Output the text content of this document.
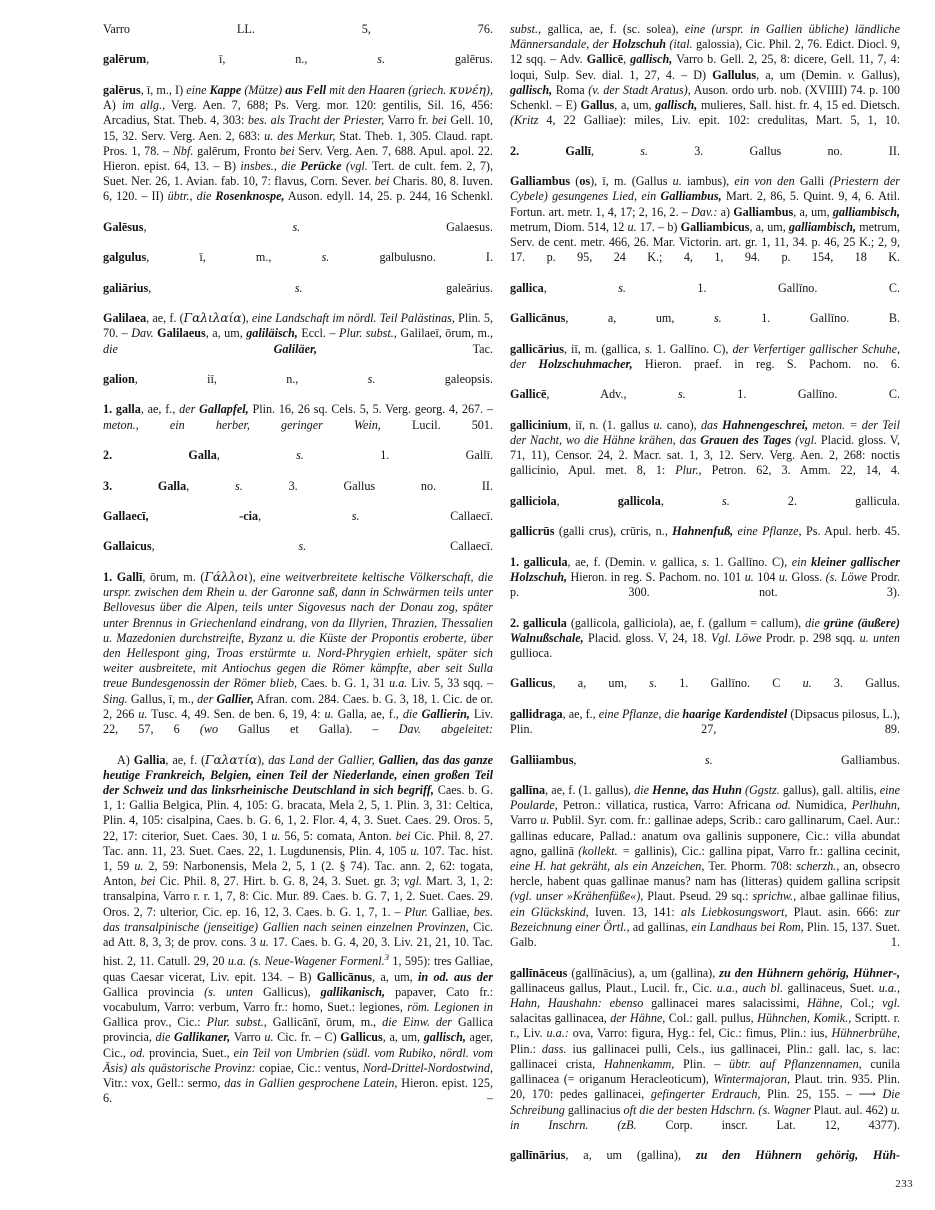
Varro LL. 5, 76.

galērum, ī, n., s. galērus.

galērus, ī, m., I) eine Kappe (Mütze) aus Fell mit den Haaren (griech. κυνέη), A) im allg., Verg. Aen. 7, 688; Ps. Verg. mor. 120: gentilis, Sil. 16, 456: Arcadius, Stat. Theb. 4, 303: bes. als Tracht der Priester, Varro fr. bei Gell. 10, 15, 32. Serv. Verg. Aen. 2, 683: u. des Merkur, Stat. Theb. 1, 305. Claud. rapt. Pros. 1, 78. – Nbf. galērum, Fronto bei Serv. Verg. Aen. 7, 688. Apul. apol. 22. Hieron. epist. 64, 13. – B) insbes., die Perücke (vgl. Tert. de cult. fem. 2, 7), Suet. Ner. 26, 1. Avian. fab. 10, 7: flavus, Corn. Sever. bei Charis. 80, 8. Iuven. 6, 120. – II) übtr., die Rosenknospe, Auson. edyll. 14, 25. p. 244, 16 Schenkl.

Galēsus, s. Galaesus.

galgulus, ī, m., s. galbulusno. I.

galiārius, s. galeārius.

Galilaea, ae, f. (Γαλιλαία), eine Landschaft im nördl. Teil Palästinas, Plin. 5, 70. – Dav. Galilaeus, a, um, galiläisch, Eccl. – Plur. subst., Galilaeī, ōrum, m., die Galiläer, Tac.

galion, iī, n., s. galeopsis.

1. galla, ae, f., der Gallapfel, Plin. 16, 26 sq. Cels. 5, 5. Verg. georg. 4, 267. – meton., ein herber, geringer Wein, Lucil. 501.

2. Galla, s. 1. Gallī.

3. Galla, s. 3. Gallus no. II.

Gallaecī, -cia, s. Callaecī.

Gallaicus, s. Callaecī.

1. Gallī, ōrum, m. (Γάλλοι), eine weitverbreitete keltische Völkerschaft, die urspr. zwischen dem Rhein u. der Garonne saß, dann in Schwärmen teils unter Bellovesus über die Alpen, teils unter Sigovesus nach der Donau zog, später unter Brennus in Griechenland eindrang, von da Illyrien, Thrazien, Thessalien u. Mazedonien durchstreifte, Byzanz u. die Küste der Propontis eroberte, über den Hellespont ging, Troas erstürmte u. Nord-Phrygien erhielt, später sich weiter ausbreitete, mit Antiochus gegen die Römer kämpfte, aber seit Sulla treue Bundesgenossin der Römer blieb, Caes. b. G. 1, 31 u.a. Liv. 5, 33 sqq. – Sing. Gallus, ī, m., der Gallier, Afran. com. 284. Caes. b. G. 3, 18, 1. Cic. de or. 2, 266 u. Tusc. 4, 49. Sen. de ben. 6, 19, 4: u. Galla, ae, f., die Gallierin, Liv. 22, 57, 6 (wo Gallus et Galla). – Dav. abgeleitet:

A) Gallia, ae, f. (Γαλατία), das Land der Gallier, Gallien, das das ganze heutige Frankreich, Belgien, einen Teil der Niederlande, einen großen Teil der Schweiz und das linksrheinische Deutschland in sich begriff, Caes. b. G. 1, 1: Gallia Belgica, Plin. 4, 105: G. bracata, Mela 2, 5, 1. Plin. 3, 31: Celtica, Plin. 4, 105: cisalpina, Caes. b. G. 6, 1, 2. Flor. 4, 4, 3. Suet. Caes. 29. Oros. 5, 22, 17: citerior, Suet. Caes. 30, 1 u. 56, 5: comata, Anton. bei Cic. Phil. 8, 27. Tac. ann. 11, 23. Suet. Caes. 22, 1. Lugdunensis, Plin. 4, 105 u. 107. Tac. hist. 1, 59 u. 2, 59: Narbonensis, Mela 2, 5, 1 (2. § 74). Tac. ann. 2, 62: togata, Anton, bei Cic. Phil. 8, 27. Hirt. b. G. 8, 24, 3. Suet. gr. 3; vgl. Mart. 3, 1, 2: transalpina, Varro r. r. 1, 7, 8: Cic. Mur. 89. Caes. b. G. 7, 1, 2. Suet. Caes. 29. Oros. 2, 7: ulterior, Cic. ep. 16, 12, 3. Caes. b. G. 1, 7, 1. – Plur. Galliae, bes. das transalpinische (jenseitige) Gallien nach seinen einzelnen Provinzen, Cic. ad Att. 8, 3, 3; de prov. cons. 3 u. 17. Caes. b. G. 4, 20, 3. Liv. 21, 21, 10. Tac. hist. 2, 11. Catull. 29, 20 u.a. (s. Neue-Wagener Formenl.$^3$ 1, 595): tres Galliae, quas Caesar vicerat, Liv. epit. 134. – B) Gallicānus, a, um, in od. aus der Gallica provincia (s. unten Gallicus), gallikanisch, papaver, Cato fr.: vocabulum, Varro: verbum, Varro fr.: homo, Suet.: legiones, röm. Legionen in Gallica prov., Cic.: Plur. subst., Gallicānī, ōrum, m., die Einw. der Gallica provincia, die Gallikaner, Varro u. Cic. fr. – C) Gallicus, a, um, gallisch, ager, Cic., od. provincia, Suet., ein Teil von Umbrien (südl. vom Rubiko, nördl. vom Äsis) als quästorische Provinz: copiae, Cic.: ventus, Nord-Drittel-Nordostwind, Vitr.: vox, Gell.: sermo, das in Gallien gesprochene Latein, Hieron. epist. 125, 6. –

subst., gallica, ae, f. (sc. solea), eine (urspr. in Gallien übliche) ländliche Männersandale, der Holzschuh (ital. galossia), Cic. Phil. 2, 76. Edict. Diocl. 9, 12 sqq. – Adv. Gallicē, gallisch, Varro b. Gell. 2, 25, 8: dicere, Gell. 11, 7, 4: loqui, Sulp. Sev. dial. 1, 27, 4. – D) Gallulus, a, um (Demin. v. Gallus), gallisch, Roma (v. der Stadt Aratus), Auson. ordo urb. nob. (XVIIII) 74. p. 100 Schenkl. – E) Gallus, a, um, gallisch, mulieres, Sall. hist. fr. 4, 15 ed. Dietsch. (Kritz 4, 22 Galliae): miles, Liv. epit. 102: credulitas, Mart. 5, 1, 10.

2. Gallī, s. 3. Gallus no. II.

Galliambus (os), ī, m. (Gallus u. iambus), ein von den Galli (Priestern der Cybele) gesungenes Lied, ein Galliambus, Mart. 2, 86, 5. Quint. 9, 4, 6. Atil. Fortun. art. metr. 1, 4, 17; 2, 16, 2. – Dav.: a) Galliambus, a, um, galliambisch, metrum, Diom. 514, 12 u. 17. – b) Galliambicus, a, um, galliambisch, metrum, Serv. de cent. metr. 466, 26. Mar. Victorin. art. gr. 1, 11, 34. p. 46, 25 K.; 2, 9, 17. p. 95, 24 K.; 4, 1, 94. p. 154, 18 K.

gallica, s. 1. Gallīno. C.

Gallicānus, a, um, s. 1. Gallīno. B.

gallicārius, iī, m. (gallica, s. 1. Gallīno. C), der Verfertiger gallischer Schuhe, der Holzschuhmacher, Hieron. praef. in reg. S. Pachom. no. 6.

Gallicē, Adv., s. 1. Gallīno. C.

gallicinium, iī, n. (1. gallus u. cano), das Hahnengeschrei, meton. = der Teil der Nacht, wo die Hähne krähen, das Grauen des Tages (vgl. Placid. gloss. V, 71, 11), Censor. 24, 2. Macr. sat. 1, 3, 12. Serv. Verg. Aen. 2, 268: noctis gallicinio, Apul. met. 8, 1: Plur., Petron. 62, 3. Amm. 22, 14, 4.

galliciola, gallicola, s. 2. gallicula.

gallicrūs (galli crus), crūris, n., Hahnenfuß, eine Pflanze, Ps. Apul. herb. 45.

1. gallicula, ae, f. (Demin. v. gallica, s. 1. Gallīno. C), ein kleiner gallischer Holzschuh, Hieron. in reg. S. Pachom. no. 101 u. 104 u. Gloss. (s. Löwe Prodr. p. 300. not. 3).

2. gallicula (gallicola, galliciola), ae, f. (gallum = callum), die grüne (äußere) Walnußschale, Placid. gloss. V, 24, 18. Vgl. Löwe Prodr. p. 298 sqq. u. unten gullioca.

Gallicus, a, um, s. 1. Gallīno. C u. 3. Gallus.

gallidraga, ae, f., eine Pflanze, die haarige Kardendistel (Dipsacus pilosus, L.), Plin. 27, 89.

Galliiambus, s. Galliambus.

gallīna, ae, f. (1. gallus), die Henne, das Huhn (Ggstz. gallus), gall. altilis, eine Poularde, Petron.: villatica, rustica, Varro: Africana od. Numidica, Perlhuhn, Varro u. Publil. Syr. com. fr.: gallinae adeps, Scrib.: caro gallinarum, Cael. Aur.: gallinas educare, Pallad.: anatum ova gallinis supponere, Cic.: villa abundat agno, gallinā (kollekt. = gallinis), Cic.: gallina pipat, Varro fr.: gallina cecinit, eine H. hat gekräht, als ein Anzeichen, Ter. Phorm. 708: scherzh., an, obsecro hercle, habent quas gallinae manus? nam has (litteras) quidem gallina scripsit (vgl. unser »Krähenfüße«), Plaut. Pseud. 29 sq.: sprichw., albae gallinae filius, ein Glückskind, Iuven. 13, 141: als Liebkosungswort, Plaut. asin. 666: zur Bezeichnung einer Örtl., ad gallinas, ein Landhaus bei Rom, Plin. 15, 137. Suet. Galb. 1.

gallīnāceus (gallīnācius), a, um (gallina), zu den Hühnern gehörig, Hühner-, gallinaceus gallus, Plaut., Lucil. fr., Cic. u.a., auch bl. gallinaceus, Suet. u.a., Hahn, Haushahn: ebenso gallinacei mares salacissimi, Hähne, Col.; vgl. salacitas gallinacea, der Hähne, Col.: gall. pullus, Hühnchen, Komik., Scriptt. r. r., Liv. u.a.: ova, Varro: figura, Hyg.: fel, Cic.: fimus, Plin.: ius, Hühnerbrühe, Plin.: dass. ius gallinacei pulli, Cels., ius gallinacei, Plin.: gall. lac, s. lac: gallinacei crista, Hahnenkamm, Plin. – übtr. auf Pflanzennamen, cunila gallinacea (= origanum Heracleoticum), Wintermajoran, Plaut. trin. 935. Plin. 20, 170: pedes gallinacei, gefingerter Erdrauch, Plin. 25, 155. – ⟶ Die Schreibung gallinacius oft die der besten Hdschrn. (s. Wagner Plaut. aul. 462) u. in Inschrn. (zB. Corp. inscr. Lat. 12, 4377).

gallīnārius, a, um (gallina), zu den Hühnern gehörig, Hüh-

233
